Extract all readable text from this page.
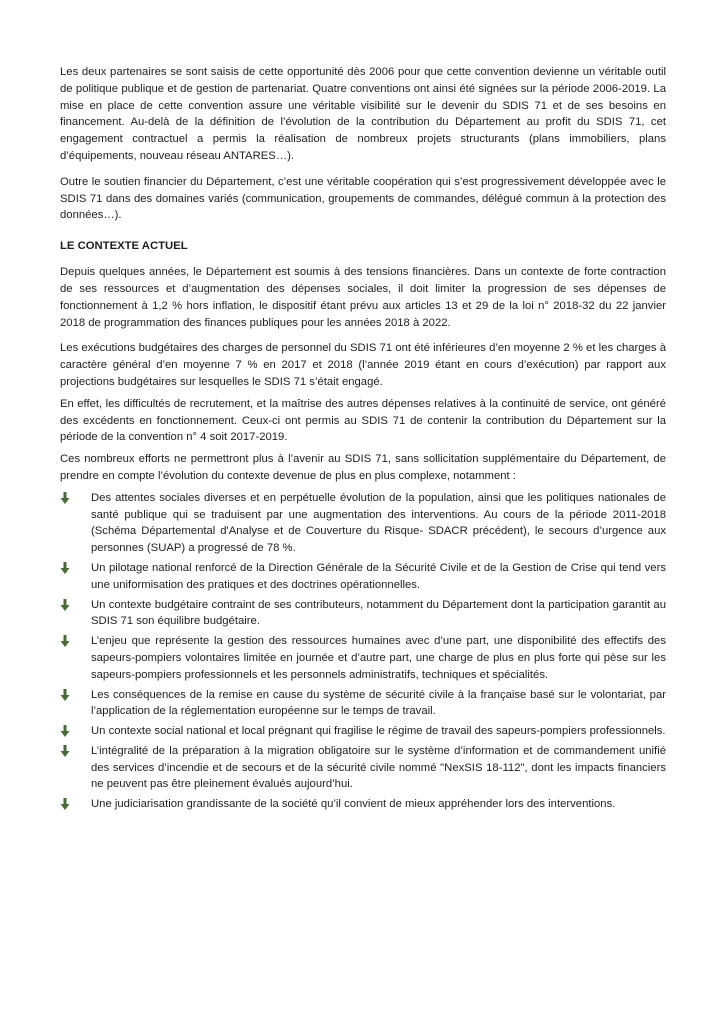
Les deux partenaires se sont saisis de cette opportunité dès 2006 pour que cette convention devienne un véritable outil de politique publique et de gestion de partenariat. Quatre conventions ont ainsi été signées sur la période 2006-2019. La mise en place de cette convention assure une véritable visibilité sur le devenir du SDIS 71 et de ses besoins en financement. Au-delà de la définition de l’évolution de la contribution du Département au profit du SDIS 71, cet engagement contractuel a permis la réalisation de nombreux projets structurants (plans immobiliers, plans d’équipements, nouveau réseau ANTARES…).

Outre le soutien financier du Département, c’est une véritable coopération qui s’est progressivement développée avec le SDIS 71 dans des domaines variés (communication, groupements de commandes, délégué commun à la protection des données…).

LE CONTEXTE ACTUEL

Depuis quelques années, le Département est soumis à des tensions financières. Dans un contexte de forte contraction de ses ressources et d’augmentation des dépenses sociales, il doit limiter la progression de ses dépenses de fonctionnement à 1,2 % hors inflation, le dispositif étant prévu aux articles 13 et 29 de la loi n° 2018-32 du 22 janvier 2018 de programmation des finances publiques pour les années 2018 à 2022.

Les exécutions budgétaires des charges de personnel du SDIS 71 ont été inférieures d’en moyenne 2 % et les charges à caractère général d’en moyenne 7 % en 2017 et 2018 (l’année 2019 étant en cours d’exécution) par rapport aux projections budgétaires sur lesquelles le SDIS 71 s’était engagé.

En effet, les difficultés de recrutement, et la maîtrise des autres dépenses relatives à la continuité de service, ont généré des excédents en fonctionnement. Ceux-ci ont permis au SDIS 71 de contenir la contribution du Département sur la période de la convention n° 4 soit 2017-2019.

Ces nombreux efforts ne permettront plus à l’avenir au SDIS 71, sans sollicitation supplémentaire du Département, de prendre en compte l’évolution du contexte devenue de plus en plus complexe, notamment :

Des attentes sociales diverses et en perpétuelle évolution de la population, ainsi que les politiques nationales de santé publique qui se traduisent par une augmentation des interventions. Au cours de la période 2011-2018 (Schéma Départemental d'Analyse et de Couverture du Risque- SDACR précédent), le secours d’urgence aux personnes (SUAP) a progressé de 78 %.
Un pilotage national renforcé de la Direction Générale de la Sécurité Civile et de la Gestion de Crise qui tend vers une uniformisation des pratiques et des doctrines opérationnelles.
Un contexte budgétaire contraint de ses contributeurs, notamment du Département dont la participation garantit au SDIS 71 son équilibre budgétaire.
L’enjeu que représente la gestion des ressources humaines avec d’une part, une disponibilité des effectifs des sapeurs-pompiers volontaires limitée en journée et d’autre part, une charge de plus en plus forte qui pèse sur les sapeurs-pompiers professionnels et les personnels administratifs, techniques et spécialités.
Les conséquences de la remise en cause du système de sécurité civile à la française basé sur le volontariat, par l’application de la réglementation européenne sur le temps de travail.
Un contexte social national et local prégnant qui fragilise le régime de travail des sapeurs-pompiers professionnels.
L’intégralité de la préparation à la migration obligatoire sur le système d’information et de commandement unifié des services d’incendie et de secours et de la sécurité civile nommé "NexSIS 18-112", dont les impacts financiers ne peuvent pas être pleinement évalués aujourd’hui.
Une judiciarisation grandissante de la société qu’il convient de mieux appréhender lors des interventions.
